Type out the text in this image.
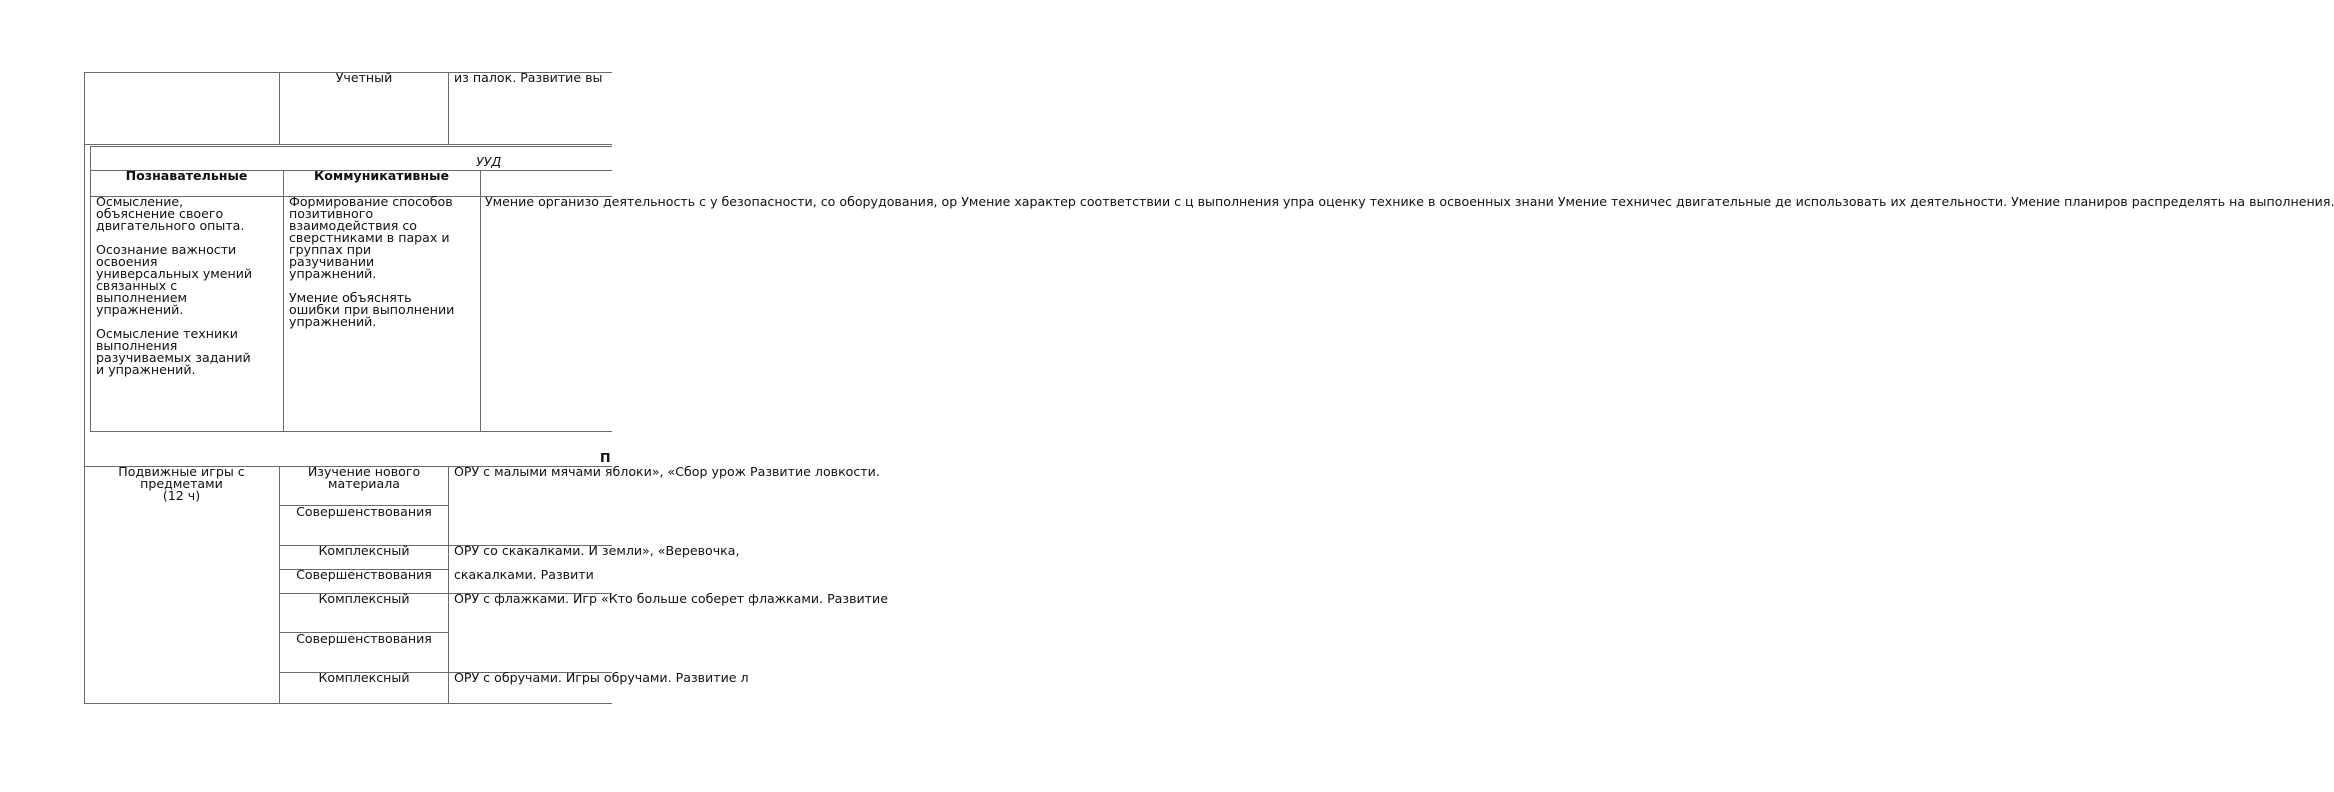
Учетный	из палок. Развитие вы
УУД
Познавательные	Коммуникативные
Осмысление,
объяснение своего
двигательного опыта.
Осознание важности
освоения
универсальных умений
связанных с
выполнением
упражнений.
Осмысление техники
выполнения
разучиваемых заданий
и упражнений.
Формирование способов
позитивного
взаимодействия со
сверстниками в парах и
группах при
разучивании
упражнений.
Умение объяснять
ошибки при выполнении
упражнений.
Умение организо деятельность с у безопасности, со оборудования, ор Умение характер соответствии с ц выполнения упра оценку технике в освоенных знани Умение техничес двигательные де использовать их деятельности. Умение планиров распределять на выполнения.
П
Подвижные игры с
предметами
(12 ч)
Изучение нового
материала
Совершенствования
Комплексный
Совершенствования
Комплексный
Совершенствования
Комплексный
ОРУ с малыми мячами яблоки», «Сбор урож Развитие ловкости.
ОРУ со скакалками. И земли», «Веревочка,
скакалками. Развити
ОРУ с флажками. Игр «Кто больше соберет флажками. Развитие
ОРУ с обручами. Игры обручами. Развитие л
